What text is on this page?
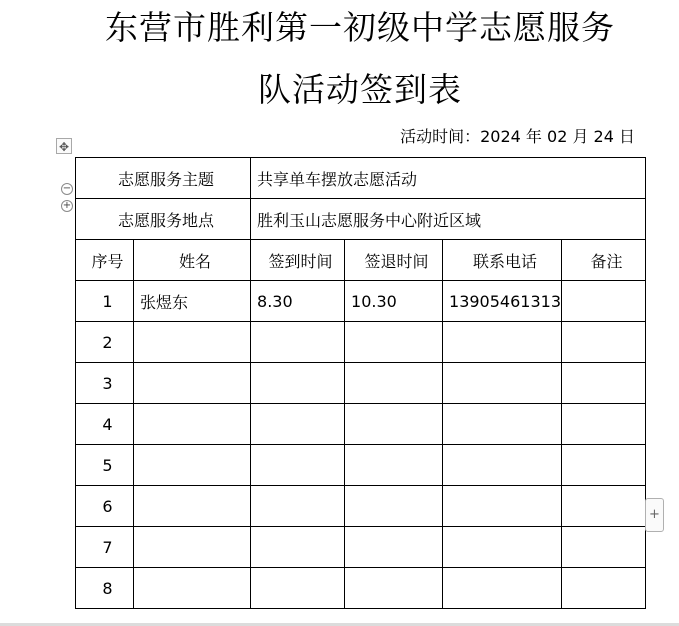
东营市胜利第一初级中学志愿服务
队活动签到表
活动时间：2024 年 02 月 24 日
✥
−
+
志愿服务主题		共享单车摆放志愿活动			
志愿服务地点		胜利玉山志愿服务中心附近区域			
序号	姓名	签到时间	签退时间	联系电话	备注
1	张煜东	8.30	10.30	13905461313	
2					
3					
4					
5					
6					
7					
8					
+
